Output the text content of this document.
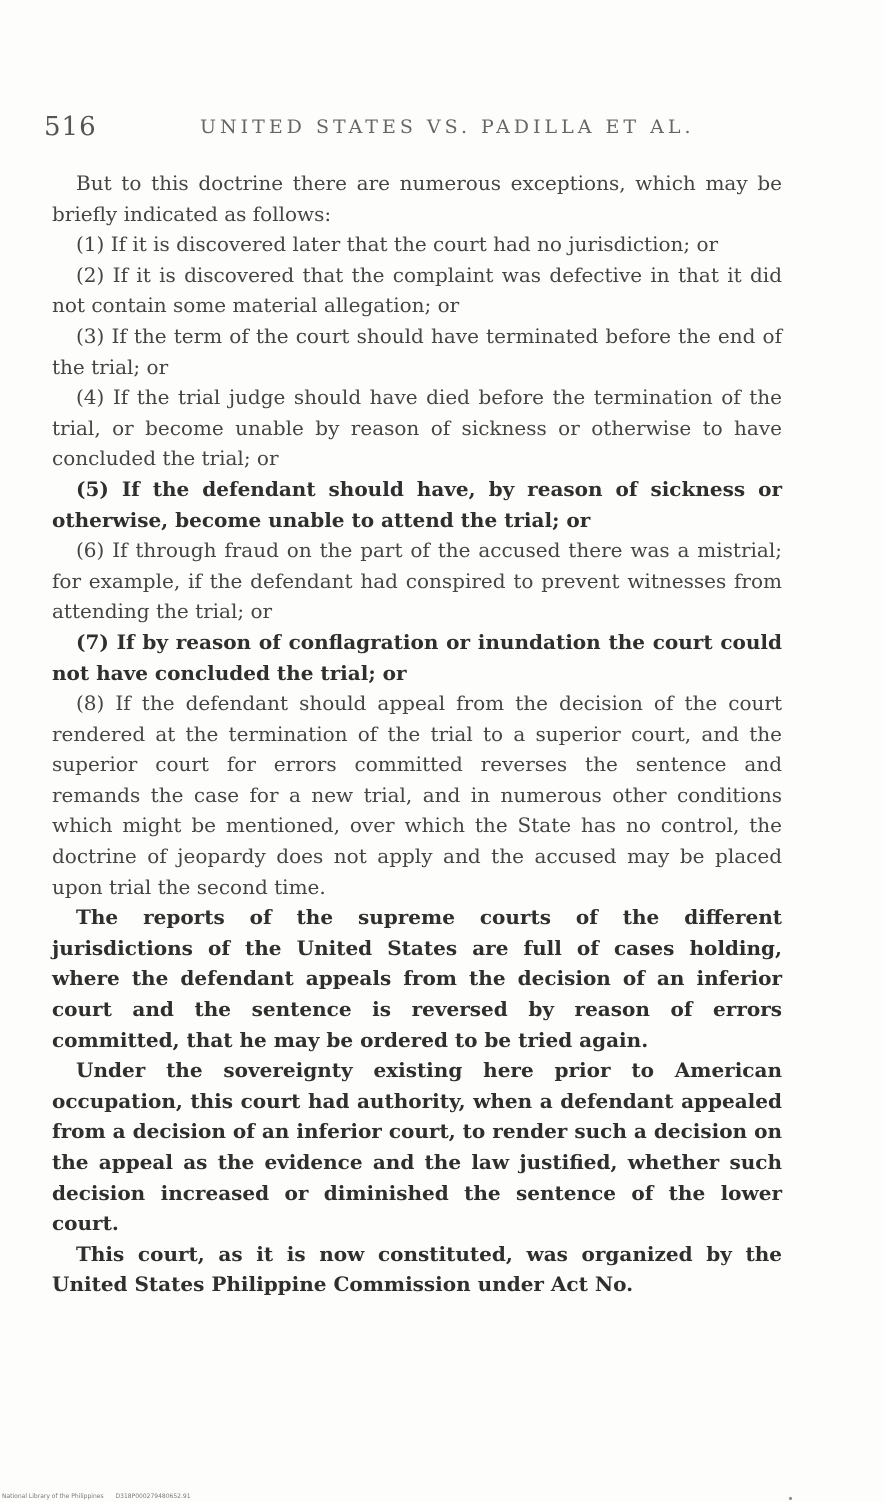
516	UNITED STATES VS. PADILLA ET AL.

But to this doctrine there are numerous exceptions, which may be briefly indicated as follows:

(1) If it is discovered later that the court had no jurisdiction; or

(2) If it is discovered that the complaint was defective in that it did not contain some material allegation; or

(3) If the term of the court should have terminated before the end of the trial; or

(4) If the trial judge should have died before the termination of the trial, or become unable by reason of sickness or otherwise to have concluded the trial; or

(5) If the defendant should have, by reason of sickness or otherwise, become unable to attend the trial; or

(6) If through fraud on the part of the accused there was a mistrial; for example, if the defendant had conspired to prevent witnesses from attending the trial; or

(7) If by reason of conflagration or inundation the court could not have concluded the trial; or

(8) If the defendant should appeal from the decision of the court rendered at the termination of the trial to a superior court, and the superior court for errors committed reverses the sentence and remands the case for a new trial, and in numerous other conditions which might be mentioned, over which the State has no control, the doctrine of jeopardy does not apply and the accused may be placed upon trial the second time.

The reports of the supreme courts of the different jurisdictions of the United States are full of cases holding, where the defendant appeals from the decision of an inferior court and the sentence is reversed by reason of errors committed, that he may be ordered to be tried again.

Under the sovereignty existing here prior to American occupation, this court had authority, when a defendant appealed from a decision of an inferior court, to render such a decision on the appeal as the evidence and the law justified, whether such decision increased or diminished the sentence of the lower court.

This court, as it is now constituted, was organized by the United States Philippine Commission under Act No.

National Library of the Philippines D318P000279480652.91
